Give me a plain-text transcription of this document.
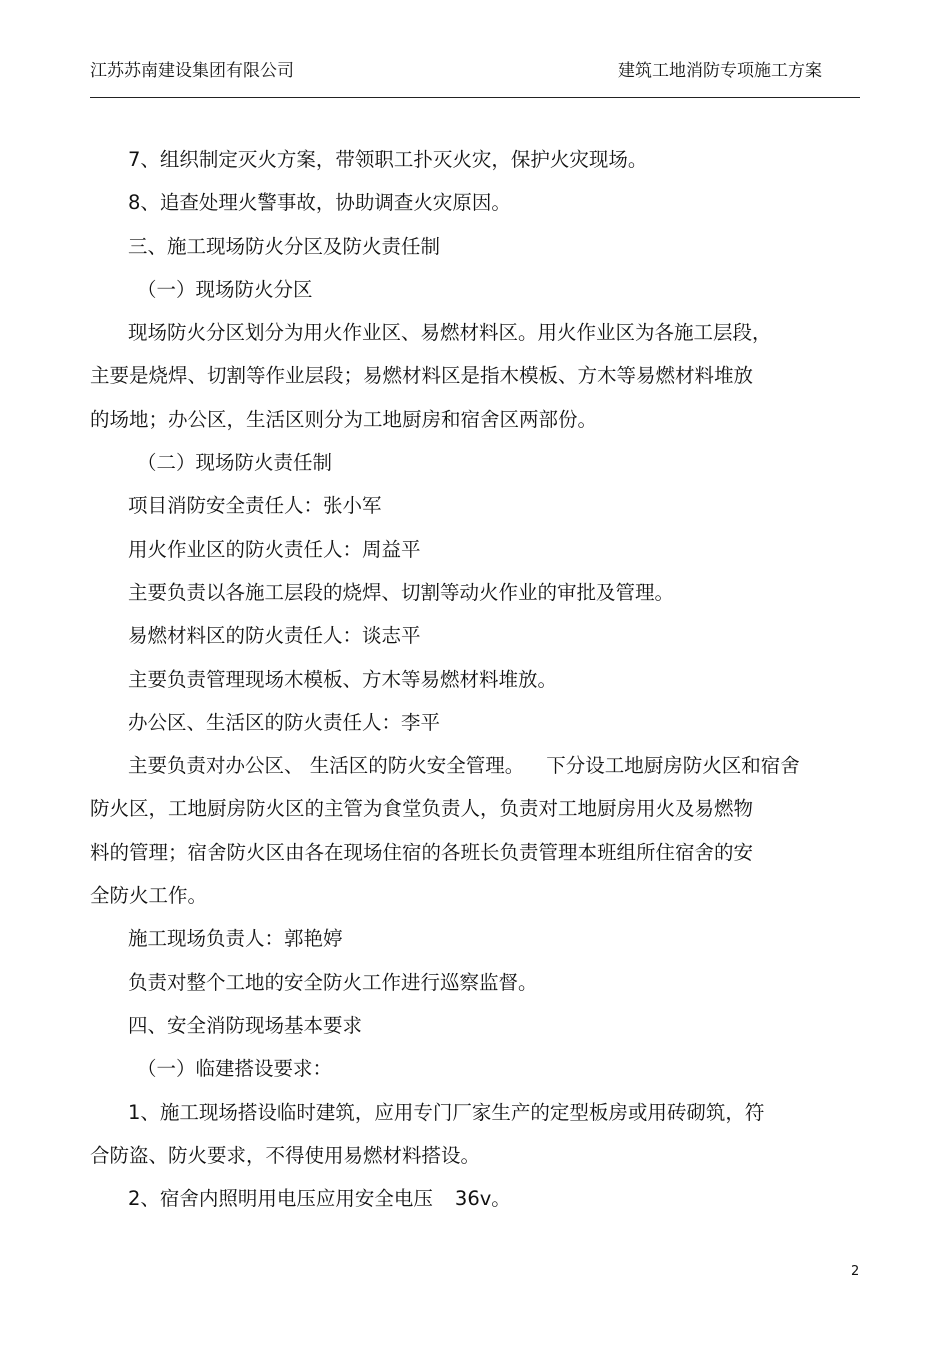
江苏苏南建设集团有限公司	建筑工地消防专项施工方案
7、组织制定灭火方案，带领职工扑灭火灾，保护火灾现场。
8、追查处理火警事故，协助调查火灾原因。
三、施工现场防火分区及防火责任制
（一）现场防火分区
现场防火分区划分为用火作业区、易燃材料区。用火作业区为各施工层段，
主要是烧焊、切割等作业层段；易燃材料区是指木模板、方木等易燃材料堆放
的场地；办公区，生活区则分为工地厨房和宿舍区两部份。
（二）现场防火责任制
项目消防安全责任人：张小军
用火作业区的防火责任人：周益平
主要负责以各施工层段的烧焊、切割等动火作业的审批及管理。
易燃材料区的防火责任人：谈志平
主要负责管理现场木模板、方木等易燃材料堆放。
办公区、生活区的防火责任人：李平
主要负责对办公区、 生活区的防火安全管理。 下分设工地厨房防火区和宿舍
防火区，工地厨房防火区的主管为食堂负责人，负责对工地厨房用火及易燃物
料的管理；宿舍防火区由各在现场住宿的各班长负责管理本班组所住宿舍的安
全防火工作。
施工现场负责人：郭艳婷
负责对整个工地的安全防火工作进行巡察监督。
四、安全消防现场基本要求
（一）临建搭设要求：
1、施工现场搭设临时建筑，应用专门厂家生产的定型板房或用砖砌筑，符
合防盗、防火要求，不得使用易燃材料搭设。
2、宿舍内照明用电压应用安全电压 36v。
2
